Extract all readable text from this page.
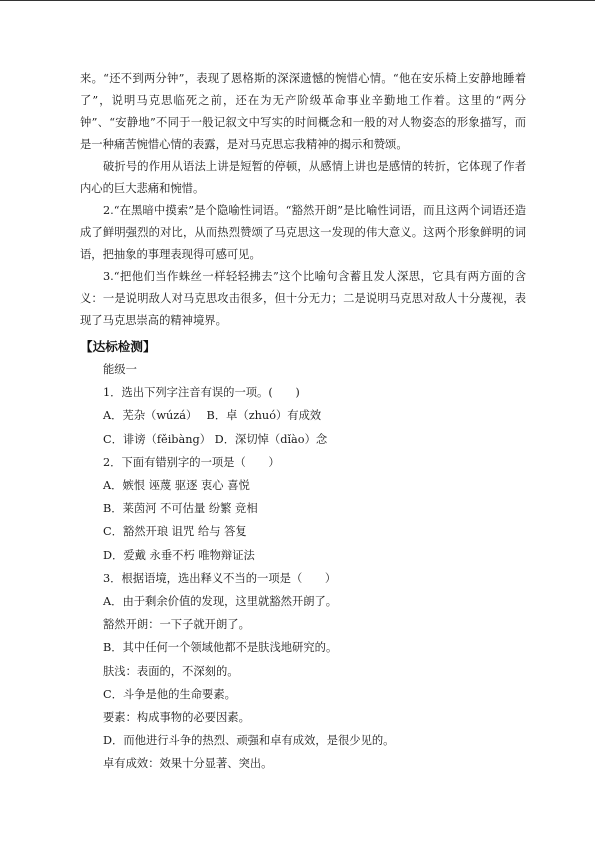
来。“还不到两分钟”，表现了恩格斯的深深遗憾的惋惜心情。“他在安乐椅上安静地睡着了”，说明马克思临死之前，还在为无产阶级革命事业辛勤地工作着。这里的“两分钟”、“安静地”不同于一般记叙文中写实的时间概念和一般的对人物姿态的形象描写，而是一种痛苦惋惜心情的表露，是对马克思忘我精神的揭示和赞颂。

破折号的作用从语法上讲是短暂的停顿，从感情上讲也是感情的转折，它体现了作者内心的巨大悲痛和惋惜。

2.“在黑暗中摸索”是个隐喻性词语。“豁然开朗”是比喻性词语，而且这两个词语还造成了鲜明强烈的对比，从而热烈赞颂了马克思这一发现的伟大意义。这两个形象鲜明的词语，把抽象的事理表现得可感可见。

3.“把他们当作蛛丝一样轻轻拂去”这个比喻句含蓄且发人深思，它具有两方面的含义：一是说明敌人对马克思攻击很多，但十分无力；二是说明马克思对敌人十分蔑视，表现了马克思崇高的精神境界。

【达标检测】

能级一

1．选出下列字注音有误的一项。(　　)

A．芜杂（wúzá）　 B．卓（zhuó）有成效

C．诽谤（fěibàng） D．深切悼（dǐào）念

2．下面有错别字的一项是（　　）

A．嫉恨 诬蔑 驱逐 衷心 喜悦

B．莱茵河 不可估量 纷繁 竞相

C．豁然开琅 诅咒 给与 答复

D．爱戴 永垂不朽 唯物辩证法

3．根据语境，选出释义不当的一项是（　　）

A．由于剩余价值的发现，这里就豁然开朗了。

豁然开朗：一下子就开朗了。

B．其中任何一个领域他都不是肤浅地研究的。

肤浅：表面的，不深刻的。

C．斗争是他的生命要素。

要素：构成事物的必要因素。

D．而他进行斗争的热烈、顽强和卓有成效，是很少见的。

卓有成效：效果十分显著、突出。
